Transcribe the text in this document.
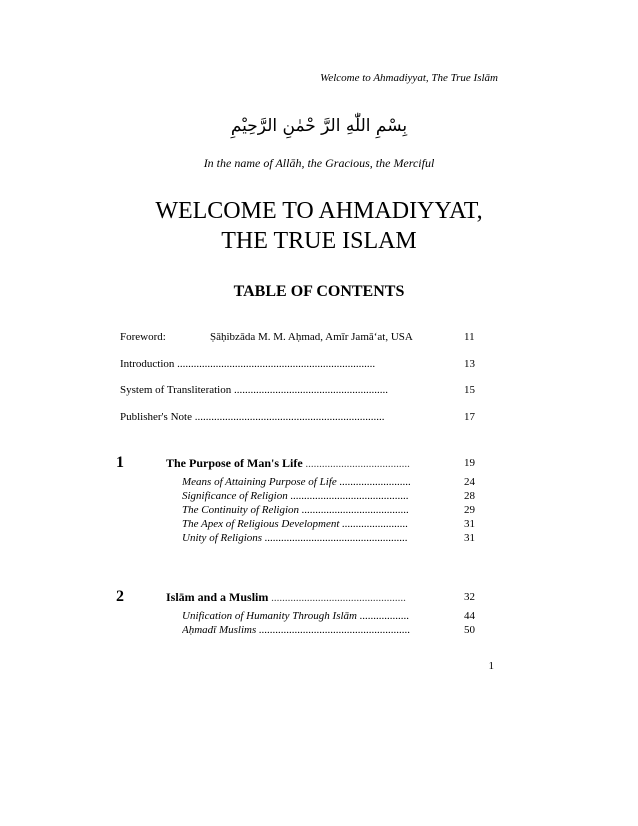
Welcome to Ahmadiyyat, The True Islām
بِسْمِ اللّٰهِ الرَّ حْمٰنِ الرَّحِيْمِ
In the name of Allāh, the Gracious, the Merciful
WELCOME TO AHMADIYYAT,
THE TRUE ISLAM
TABLE OF CONTENTS
Foreword:	Ṣāḥibzāda M. M. Aḥmad, Amīr Jamā‘at, USA	11
Introduction ........................................................................	13
System of Transliteration ........................................................	15
Publisher's Note .....................................................................	17
1	The Purpose of Man's Life ......................................	19
Means of Attaining Purpose of Life ..........................	24
Significance of Religion ...........................................	28
The Continuity of Religion .......................................	29
The Apex of Religious Development ........................	31
Unity of Religions ....................................................	31
2	Islām and a Muslim .................................................	32
Unification of Humanity Through Islām ..................	44
Aḥmadī Muslims .......................................................	50
1
